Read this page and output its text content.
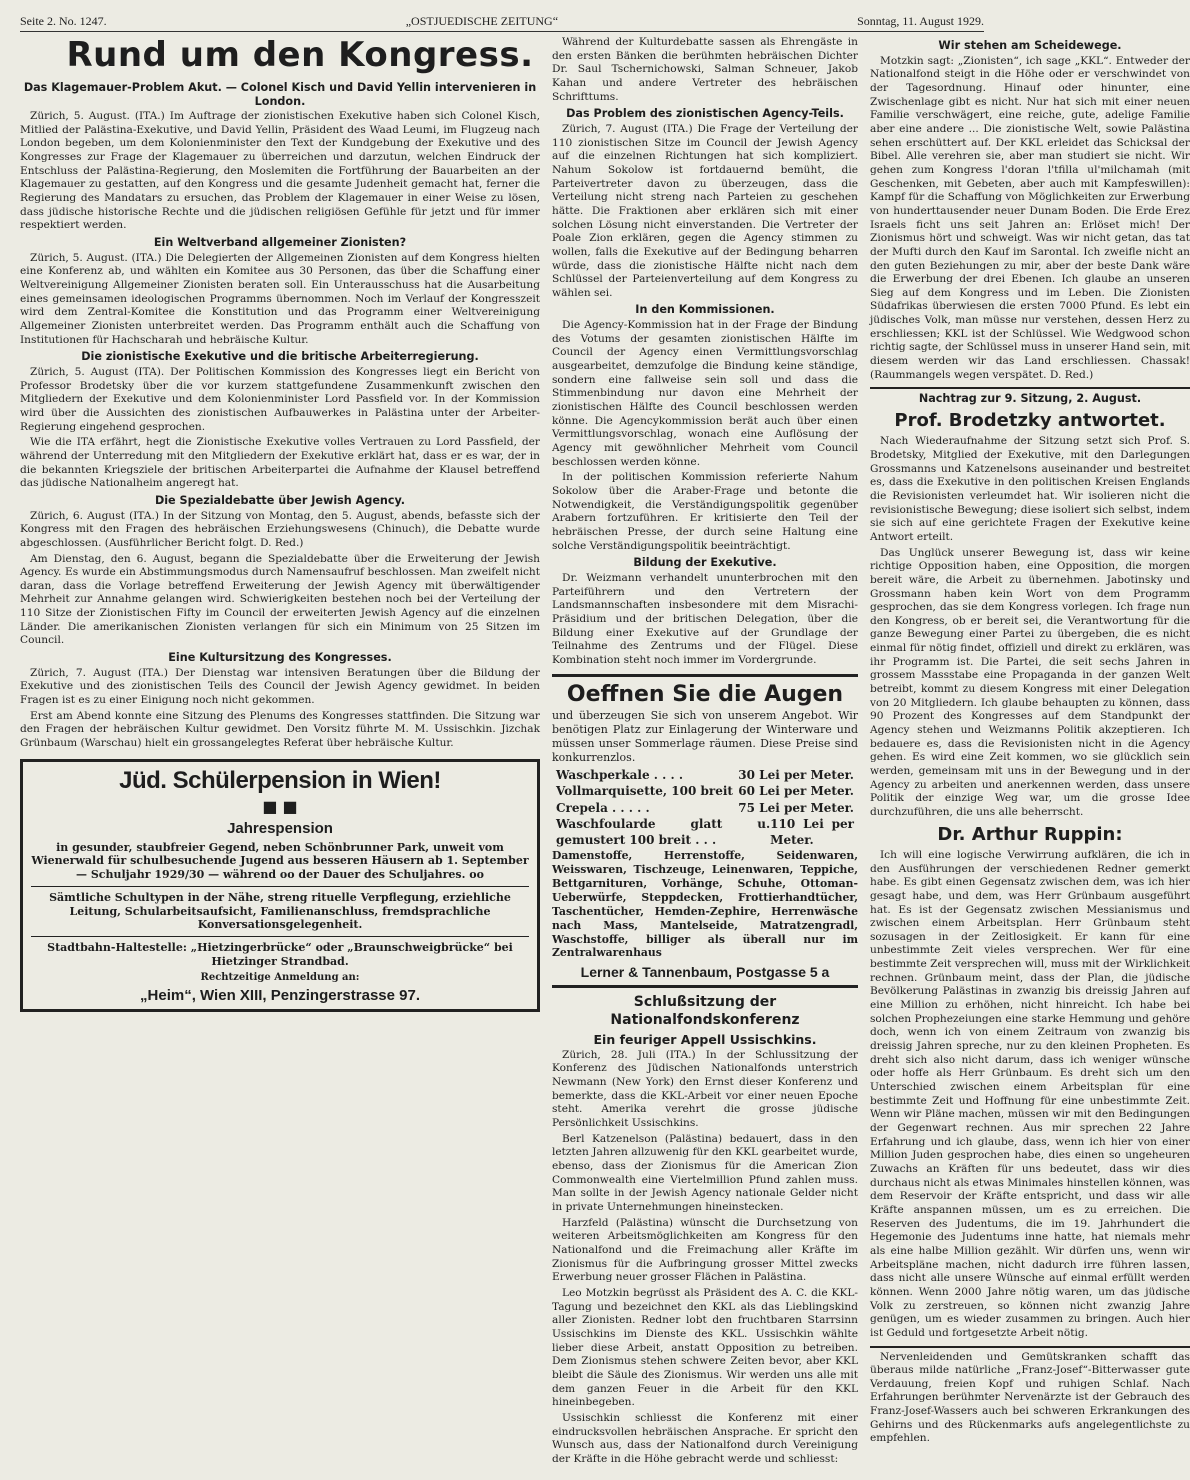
Seite 2. No. 1247.	„OSTJUEDISCHE ZEITUNG“	Sonntag, 11. August 1929.
Rund um den Kongress.
Das Klagemauer-Problem Akut. — Colonel Kisch und David Yellin intervenieren in London.

Zürich, 5. August. (ITA.) Im Auftrage der zionistischen Exekutive haben sich Colonel Kisch, Mitlied der Palästina-Exekutive, und David Yellin, Präsident des Waad Leumi, im Flugzeug nach London begeben, um dem Kolonienminister den Text der Kundgebung der Exekutive und des Kongresses zur Frage der Klagemauer zu überreichen und darzutun, welchen Eindruck der Entschluss der Palästina-Regierung, den Moslemiten die Fortführung der Bauarbeiten an der Klagemauer zu gestatten, auf den Kongress und die gesamte Judenheit gemacht hat, ferner die Regierung des Mandatars zu ersuchen, das Problem der Klagemauer in einer Weise zu lösen, dass jüdische historische Rechte und die jüdischen religiösen Gefühle für jetzt und für immer respektiert werden.

Ein Weltverband allgemeiner Zionisten?

Zürich, 5. August. (ITA.) Die Delegierten der Allgemeinen Zionisten auf dem Kongress hielten eine Konferenz ab, und wählten ein Komitee aus 30 Personen, das über die Schaffung einer Weltvereinigung Allgemeiner Zionisten beraten soll. Ein Unterausschuss hat die Ausarbeitung eines gemeinsamen ideologischen Programms übernommen. Noch im Verlauf der Kongresszeit wird dem Zentral-Komitee die Konstitution und das Programm einer Weltvereinigung Allgemeiner Zionisten unterbreitet werden. Das Programm enthält auch die Schaffung von Institutionen für Hachscharah und hebräische Kultur.

Die zionistische Exekutive und die britische Arbeiterregierung.

Zürich, 5. August (ITA). Der Politischen Kommission des Kongresses liegt ein Bericht von Professor Brodetsky über die vor kurzem stattgefundene Zusammenkunft zwischen den Mitgliedern der Exekutive und dem Kolonienminister Lord Passfield vor. In der Kommission wird über die Aussichten des zionistischen Aufbauwerkes in Palästina unter der Arbeiter-Regierung eingehend gesprochen.

Wie die ITA erfährt, hegt die Zionistische Exekutive volles Vertrauen zu Lord Passfield, der während der Unterredung mit den Mitgliedern der Exekutive erklärt hat, dass er es war, der in die bekannten Kriegsziele der britischen Arbeiterpartei die Aufnahme der Klausel betreffend das jüdische Nationalheim angeregt hat.

Die Spezialdebatte über Jewish Agency.

Zürich, 6. August (ITA.) In der Sitzung von Montag, den 5. August, abends, befasste sich der Kongress mit den Fragen des hebräischen Erziehungswesens (Chinuch), die Debatte wurde abgeschlossen. (Ausführlicher Bericht folgt. D. Red.)

Am Dienstag, den 6. August, begann die Spezialdebatte über die Erweiterung der Jewish Agency. Es wurde ein Abstimmungsmodus durch Namensaufruf beschlossen. Man zweifelt nicht daran, dass die Vorlage betreffend Erweiterung der Jewish Agency mit überwältigender Mehrheit zur Annahme gelangen wird. Schwierigkeiten bestehen noch bei der Verteilung der 110 Sitze der Zionistischen Fifty im Council der erweiterten Jewish Agency auf die einzelnen Länder. Die amerikanischen Zionisten verlangen für sich ein Minimum von 25 Sitzen im Council.

Eine Kultursitzung des Kongresses.

Zürich, 7. August (ITA.) Der Dienstag war intensiven Beratungen über die Bildung der Exekutive und des zionistischen Teils des Council der Jewish Agency gewidmet. In beiden Fragen ist es zu einer Einigung noch nicht gekommen.

Erst am Abend konnte eine Sitzung des Plenums des Kongresses stattfinden. Die Sitzung war den Fragen der hebräischen Kultur gewidmet. Den Vorsitz führte M. M. Ussischkin. Jizchak Grünbaum (Warschau) hielt ein grossangelegtes Referat über hebräische Kultur.

Jüd. Schülerpension in Wien!
■ ■
Jahrespension
in gesunder, staubfreier Gegend, neben Schönbrunner Park, unweit vom Wienerwald für schulbesuchende Jugend aus besseren Häusern ab 1. September — Schuljahr 1929/30 — während oo der Dauer des Schuljahres. oo
Sämtliche Schultypen in der Nähe, streng rituelle Verpflegung, erziehliche Leitung, Schularbeitsaufsicht, Familienanschluss, fremdsprachliche Konversationsgelegenheit.
Stadtbahn-Haltestelle: „Hietzingerbrücke“ oder „Braunschweigbrücke“ bei Hietzinger Strandbad.
Rechtzeitige Anmeldung an:
„Heim“, Wien XIII, Penzingerstrasse 97.

Während der Kulturdebatte sassen als Ehrengäste in den ersten Bänken die berühmten hebräischen Dichter Dr. Saul Tschernichowski, Salman Schneuer, Jakob Kahan und andere Vertreter des hebräischen Schrifttums.

Das Problem des zionistischen Agency-Teils.

Zürich, 7. August (ITA.) Die Frage der Verteilung der 110 zionistischen Sitze im Council der Jewish Agency auf die einzelnen Richtungen hat sich kompliziert. Nahum Sokolow ist fortdauernd bemüht, die Parteivertreter davon zu überzeugen, dass die Verteilung nicht streng nach Parteien zu geschehen hätte. Die Fraktionen aber erklären sich mit einer solchen Lösung nicht einverstanden. Die Vertreter der Poale Zion erklären, gegen die Agency stimmen zu wollen, falls die Exekutive auf der Bedingung beharren würde, dass die zionistische Hälfte nicht nach dem Schlüssel der Parteienverteilung auf dem Kongress zu wählen sei.

In den Kommissionen.

Die Agency-Kommission hat in der Frage der Bindung des Votums der gesamten zionistischen Hälfte im Council der Agency einen Vermittlungsvorschlag ausgearbeitet, demzufolge die Bindung keine ständige, sondern eine fallweise sein soll und dass die Stimmenbindung nur davon eine Mehrheit der zionistischen Hälfte des Council beschlossen werden könne. Die Agencykommission berät auch über einen Vermittlungsvorschlag, wonach eine Auflösung der Agency mit gewöhnlicher Mehrheit vom Council beschlossen werden könne.

In der politischen Kommission referierte Nahum Sokolow über die Araber-Frage und betonte die Notwendigkeit, die Verständigungspolitik gegenüber Arabern fortzuführen. Er kritisierte den Teil der hebräischen Presse, der durch seine Haltung eine solche Verständigungspolitik beeinträchtigt.

Bildung der Exekutive.

Dr. Weizmann verhandelt ununterbrochen mit den Parteiführern und den Vertretern der Landsmannschaften insbesondere mit dem Misrachi-Präsidium und der britischen Delegation, über die Bildung einer Exekutive auf der Grundlage der Teilnahme des Zentrums und der Flügel. Diese Kombination steht noch immer im Vordergrunde.

Oeffnen Sie die Augen

und überzeugen Sie sich von unserem Angebot. Wir benötigen Platz zur Einlagerung der Winterware und müssen unser Sommerlage räumen. Diese Preise sind konkurrenzlos.

Waschperkale . . . .	30 Lei per Meter.
Vollmarquisette, 100 breit 60 Lei per Meter.
Crepela . . . . .	75 Lei per Meter.
Waschfoularde glatt u. gemustert 100 breit . . .
110 Lei per Meter.

Damenstoffe, Herrenstoffe, Seidenwaren, Weisswaren, Tischzeuge, Leinenwaren, Teppiche, Bettgarnituren, Vorhänge, Schuhe, Ottoman-Ueberwürfe, Steppdecken, Frottierhandtücher, Taschentücher, Hemden-Zephire, Herrenwäsche nach Mass, Mantelseide, Matratzengradl, Waschstoffe, billiger als überall nur im Zentralwarenhaus

Lerner & Tannenbaum, Postgasse 5 a
Schlußsitzung der Nationalfondskonferenz
Ein feuriger Appell Ussischkins.

Zürich, 28. Juli (ITA.) In der Schlussitzung der Konferenz des Jüdischen Nationalfonds unterstrich Newmann (New York) den Ernst dieser Konferenz und bemerkte, dass die KKL-Arbeit vor einer neuen Epoche steht. Amerika verehrt die grosse jüdische Persönlichkeit Ussischkins.

Berl Katzenelson (Palästina) bedauert, dass in den letzten Jahren allzuwenig für den KKL gearbeitet wurde, ebenso, dass der Zionismus für die American Zion Commonwealth eine Viertelmillion Pfund zahlen muss. Man sollte in der Jewish Agency nationale Gelder nicht in private Unternehmungen hineinstecken.

Harzfeld (Palästina) wünscht die Durchsetzung von weiteren Arbeitsmöglichkeiten am Kongress für den Nationalfond und die Freimachung aller Kräfte im Zionismus für die Aufbringung grosser Mittel zwecks Erwerbung neuer grosser Flächen in Palästina.

Leo Motzkin begrüsst als Präsident des A. C. die KKL-Tagung und bezeichnet den KKL als das Lieblingskind aller Zionisten. Redner lobt den fruchtbaren Starrsinn Ussischkins im Dienste des KKL. Ussischkin wählte lieber diese Arbeit, anstatt Opposition zu betreiben. Dem Zionismus stehen schwere Zeiten bevor, aber KKL bleibt die Säule des Zionismus. Wir werden uns alle mit dem ganzen Feuer in die Arbeit für den KKL hineinbegeben.

Ussischkin schliesst die Konferenz mit einer eindrucksvollen hebräischen Ansprache. Er spricht den Wunsch aus, dass der Nationalfond durch Vereinigung der Kräfte in die Höhe gebracht werde und schliesst:

Wir stehen am Scheidewege.

Motzkin sagt: „Zionisten“, ich sage „KKL“. Entweder der Nationalfond steigt in die Höhe oder er verschwindet von der Tagesordnung. Hinauf oder hinunter, eine Zwischenlage gibt es nicht. Nur hat sich mit einer neuen Familie verschwägert, eine reiche, gute, adelige Familie aber eine andere ... Die zionistische Welt, sowie Palästina sehen erschüttert auf. Der KKL erleidet das Schicksal der Bibel. Alle verehren sie, aber man studiert sie nicht. Wir gehen zum Kongress l'doran l'tfilla ul'milchamah (mit Geschenken, mit Gebeten, aber auch mit Kampfeswillen): Kampf für die Schaffung von Möglichkeiten zur Erwerbung von hunderttausender neuer Dunam Boden. Die Erde Erez Israels ficht uns seit Jahren an: Erlöset mich! Der Zionismus hört und schweigt. Was wir nicht getan, das tat der Mufti durch den Kauf im Sarontal. Ich zweifle nicht an den guten Beziehungen zu mir, aber der beste Dank wäre die Erwerbung der drei Ebenen. Ich glaube an unseren Sieg auf dem Kongress und im Leben. Die Zionisten Südafrikas überwiesen die ersten 7000 Pfund. Es lebt ein jüdisches Volk, man müsse nur verstehen, dessen Herz zu erschliessen; KKL ist der Schlüssel. Wie Wedgwood schon richtig sagte, der Schlüssel muss in unserer Hand sein, mit diesem werden wir das Land erschliessen. Chassak! (Raummangels wegen verspätet. D. Red.)

Nachtrag zur 9. Sitzung, 2. August.
Prof. Brodetzky antwortet.

Nach Wiederaufnahme der Sitzung setzt sich Prof. S. Brodetsky, Mitglied der Exekutive, mit den Darlegungen Grossmanns und Katzenelsons auseinander und bestreitet es, dass die Exekutive in den politischen Kreisen Englands die Revisionisten verleumdet hat. Wir isolieren nicht die revisionistische Bewegung; diese isoliert sich selbst, indem sie sich auf eine gerichtete Fragen der Exekutive keine Antwort erteilt.

Das Unglück unserer Bewegung ist, dass wir keine richtige Opposition haben, eine Opposition, die morgen bereit wäre, die Arbeit zu übernehmen. Jabotinsky und Grossmann haben kein Wort von dem Programm gesprochen, das sie dem Kongress vorlegen. Ich frage nun den Kongress, ob er bereit sei, die Verantwortung für die ganze Bewegung einer Partei zu übergeben, die es nicht einmal für nötig findet, offiziell und direkt zu erklären, was ihr Programm ist. Die Partei, die seit sechs Jahren in grossem Massstabe eine Propaganda in der ganzen Welt betreibt, kommt zu diesem Kongress mit einer Delegation von 20 Mitgliedern. Ich glaube behaupten zu können, dass 90 Prozent des Kongresses auf dem Standpunkt der Agency stehen und Weizmanns Politik akzeptieren. Ich bedauere es, dass die Revisionisten nicht in die Agency gehen. Es wird eine Zeit kommen, wo sie glücklich sein werden, gemeinsam mit uns in der Bewegung und in der Agency zu arbeiten und anerkennen werden, dass unsere Politik der einzige Weg war, um die grosse Idee durchzuführen, die uns alle beherrscht.

Dr. Arthur Ruppin:

Ich will eine logische Verwirrung aufklären, die ich in den Ausführungen der verschiedenen Redner gemerkt habe. Es gibt einen Gegensatz zwischen dem, was ich hier gesagt habe, und dem, was Herr Grünbaum ausgeführt hat. Es ist der Gegensatz zwischen Messianismus und zwischen einem Arbeitsplan. Herr Grünbaum steht sozusagen in der Zeitlosigkeit. Er kann für eine unbestimmte Zeit vieles versprechen. Wer für eine bestimmte Zeit versprechen will, muss mit der Wirklichkeit rechnen. Grünbaum meint, dass der Plan, die jüdische Bevölkerung Palästinas in zwanzig bis dreissig Jahren auf eine Million zu erhöhen, nicht hinreicht. Ich habe bei solchen Prophezeiungen eine starke Hemmung und gehöre doch, wenn ich von einem Zeitraum von zwanzig bis dreissig Jahren spreche, nur zu den kleinen Propheten. Es dreht sich also nicht darum, dass ich weniger wünsche oder hoffe als Herr Grünbaum. Es dreht sich um den Unterschied zwischen einem Arbeitsplan für eine bestimmte Zeit und Hoffnung für eine unbestimmte Zeit. Wenn wir Pläne machen, müssen wir mit den Bedingungen der Gegenwart rechnen. Aus mir sprechen 22 Jahre Erfahrung und ich glaube, dass, wenn ich hier von einer Million Juden gesprochen habe, dies einen so ungeheuren Zuwachs an Kräften für uns bedeutet, dass wir dies durchaus nicht als etwas Minimales hinstellen können, was dem Reservoir der Kräfte entspricht, und dass wir alle Kräfte anspannen müssen, um es zu erreichen. Die Reserven des Judentums, die im 19. Jahrhundert die Hegemonie des Judentums inne hatte, hat niemals mehr als eine halbe Million gezählt. Wir dürfen uns, wenn wir Arbeitspläne machen, nicht dadurch irre führen lassen, dass nicht alle unsere Wünsche auf einmal erfüllt werden können. Wenn 2000 Jahre nötig waren, um das jüdische Volk zu zerstreuen, so können nicht zwanzig Jahre genügen, um es wieder zusammen zu bringen. Auch hier ist Geduld und fortgesetzte Arbeit nötig.

Nervenleidenden und Gemütskranken schafft das überaus milde natürliche „Franz-Josef“-Bitterwasser gute Verdauung, freien Kopf und ruhigen Schlaf. Nach Erfahrungen berühmter Nervenärzte ist der Gebrauch des Franz-Josef-Wassers auch bei schweren Erkrankungen des Gehirns und des Rückenmarks aufs angelegentlichste zu empfehlen.
